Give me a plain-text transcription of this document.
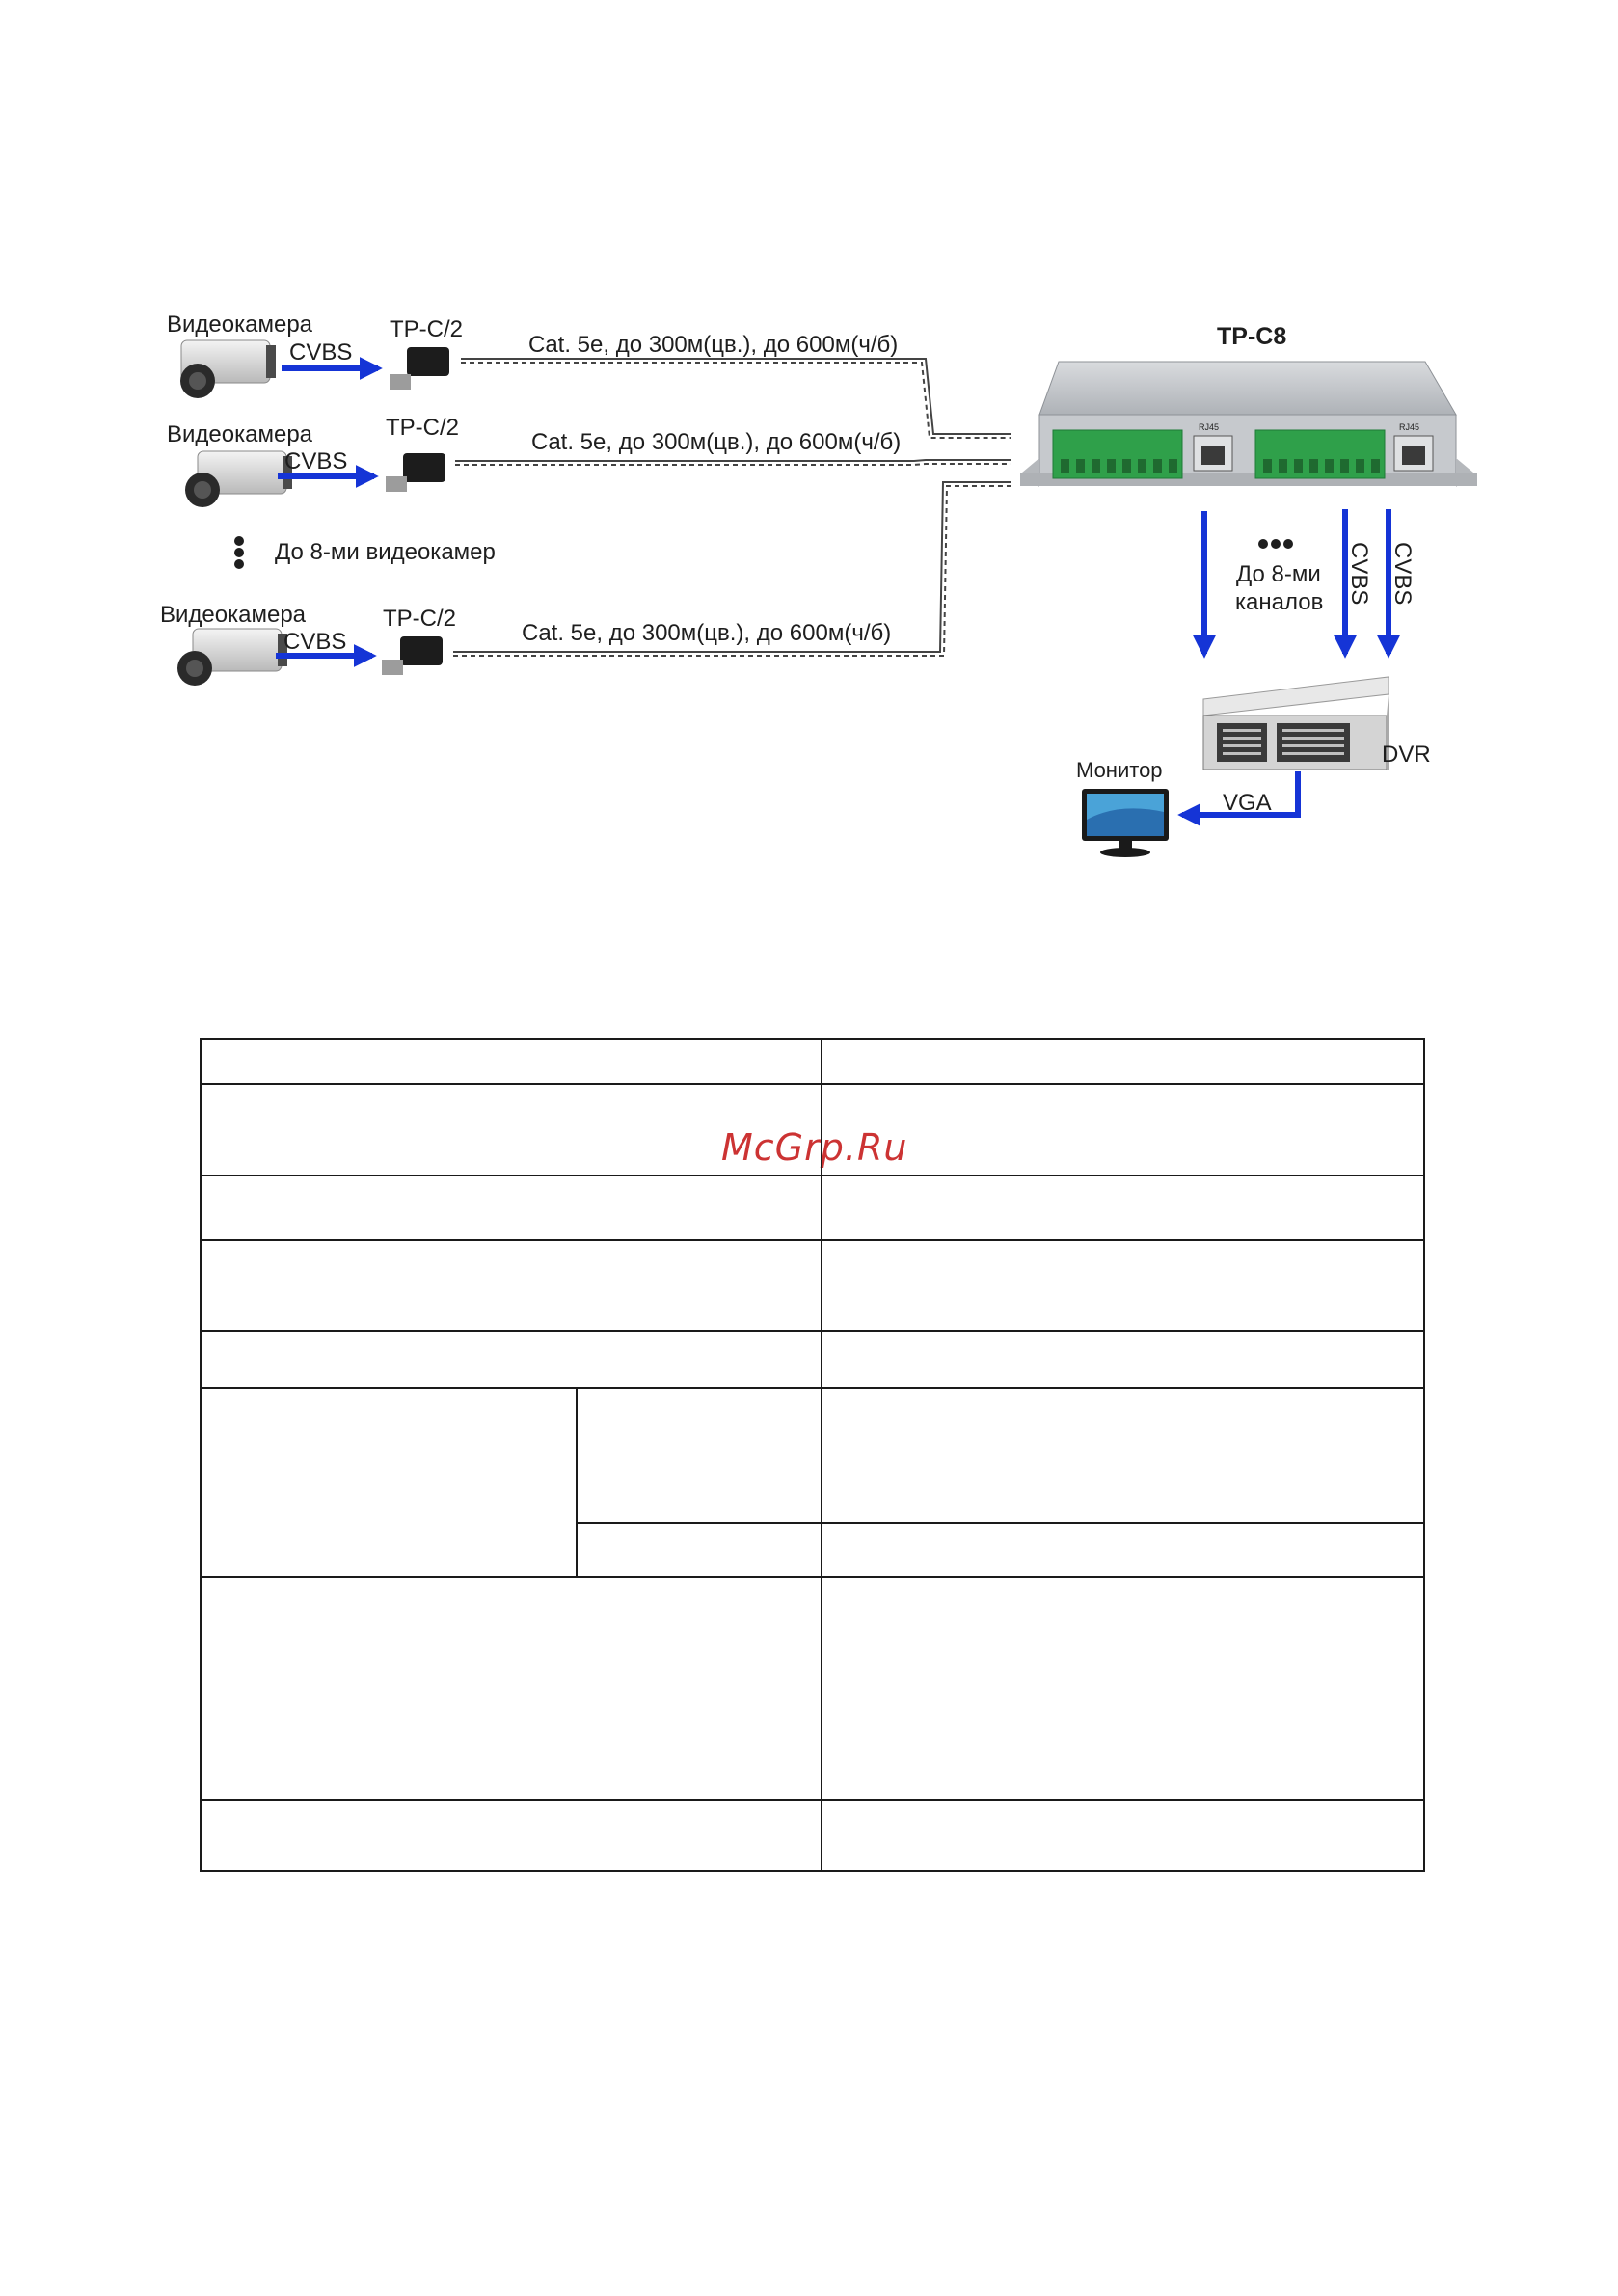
Видеокамера
CVBS
TP-C/2
Cat. 5e, до 300м(цв.), до 600м(ч/б)
Видеокамера
CVBS
TP-C/2
Cat. 5e, до 300м(цв.), до 600м(ч/б)
До 8-ми видеокамер
Видеокамера
CVBS
TP-C/2
Cat. 5e, до 300м(цв.), до 600м(ч/б)
TP-C8
RJ45	RJ45
До 8-ми
каналов CVBS CVBS
DVR
VGA
Монитор
McGrp.Ru
